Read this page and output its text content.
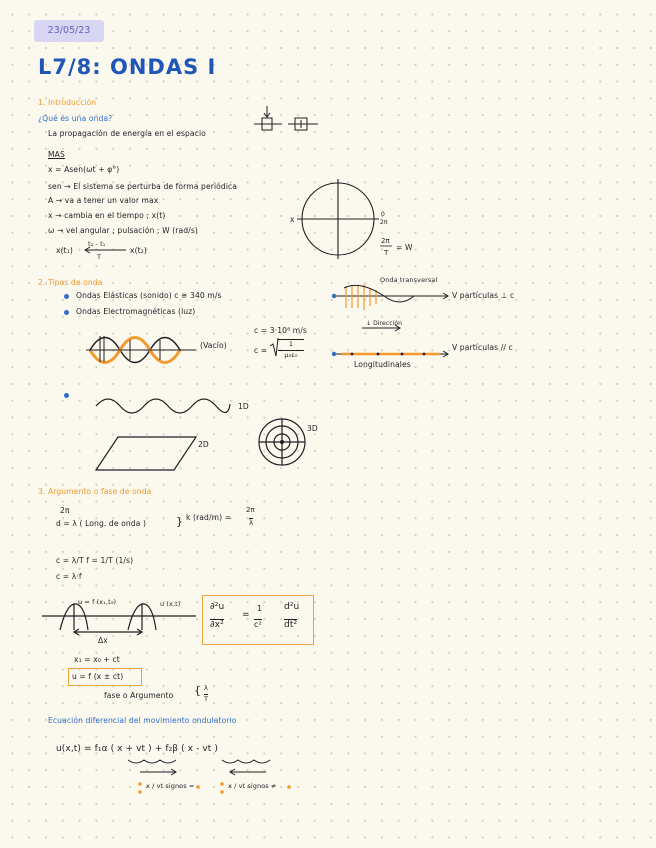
23/05/23
L7/8: ONDAS I
1. Introducción
¿Qué es una onda?
La propagación de energía en el espacio
MAS
x = Asen(ωt + φ°)
sen → El sistema se perturba de forma periódica
A → va a tener un valor max
x → cambia en el tiempo ; x(t)
ω → vel angular ; pulsación ; W (rad/s)
x(t₁)
t₂ - t₁
T
x(t₂)
x
0
2π
2π
T
= W
2. Tipos de onda
Ondas Elásticas (sonido) c ≅ 340 m/s
Ondas Electromagnéticas (luz)
c = 3·10⁸ m/s
c =
1
μ₀ε₀
(Vacío)
Onda transversal
V partículas ⊥ c
↓ Dirección
V partículas // c
Longitudinales
1D
2D
3D
3. Argumento o fase de onda
2π
d = λ ( Long. de onda )	} k (rad/m) =
2π
λ
c = λ/T f = 1/T (1/s)
c = λ·f
u = f (x₁,t₀)	u (x,t)
Δx
∂²u
∂x²
=
1
c²
d²u
dt²
x₁ = x₀ + ct
u = f (x ± ct)
fase o Argumento { λ
T
Ecuación diferencial del movimiento ondulatorio
u(x,t) = f₁α ( x + vt ) + f₂β ( x - vt )
x / vt signos =	x / vt signos ≠
